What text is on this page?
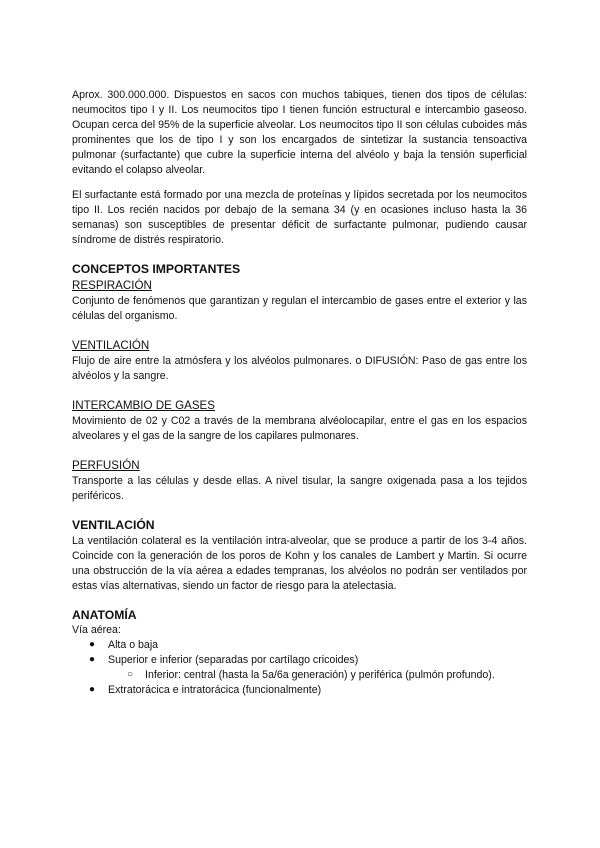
Aprox. 300.000.000. Dispuestos en sacos con muchos tabiques, tienen dos tipos de células: neumocitos tipo I y II. Los neumocitos tipo I tienen función estructural e intercambio gaseoso. Ocupan cerca del 95% de la superficie alveolar. Los neumocitos tipo II son células cuboides más prominentes que los de tipo I y son los encargados de sintetizar la sustancia tensoactiva pulmonar (surfactante) que cubre la superficie interna del alvéolo y baja la tensión superficial evitando el colapso alveolar.

El surfactante está formado por una mezcla de proteínas y lípidos secretada por los neumocitos tipo II. Los recién nacidos por debajo de la semana 34 (y en ocasiones incluso hasta la 36 semanas) son susceptibles de presentar déficit de surfactante pulmonar, pudiendo causar síndrome de distrés respiratorio.

CONCEPTOS IMPORTANTES

RESPIRACIÓN

Conjunto de fenómenos que garantizan y regulan el intercambio de gases entre el exterior y las células del organismo.

VENTILACIÓN

Flujo de aire entre la atmósfera y los alvéolos pulmonares. o DIFUSIÓN: Paso de gas entre los alvéolos y la sangre.

INTERCAMBIO DE GASES

Movimiento de 02 y C02 a través de la membrana alvéolocapilar, entre el gas en los espacios alveolares y el gas de la sangre de los capilares pulmonares.

PERFUSIÓN

Transporte a las células y desde ellas. A nivel tisular, la sangre oxigenada pasa a los tejidos periféricos.

VENTILACIÓN

La ventilación colateral es la ventilación intra-alveolar, que se produce a partir de los 3-4 años. Coincide con la generación de los poros de Kohn y los canales de Lambert y Martin. Si ocurre una obstrucción de la vía aérea a edades tempranas, los alvéolos no podrán ser ventilados por estas vías alternativas, siendo un factor de riesgo para la atelectasia.

ANATOMÍA

Vía aérea:

● Alta o baja

● Superior e inferior (separadas por cartílago cricoides)

○ Inferior: central (hasta la 5a/6a generación) y periférica (pulmón profundo).

● Extratorácica e intratorácica (funcionalmente)
